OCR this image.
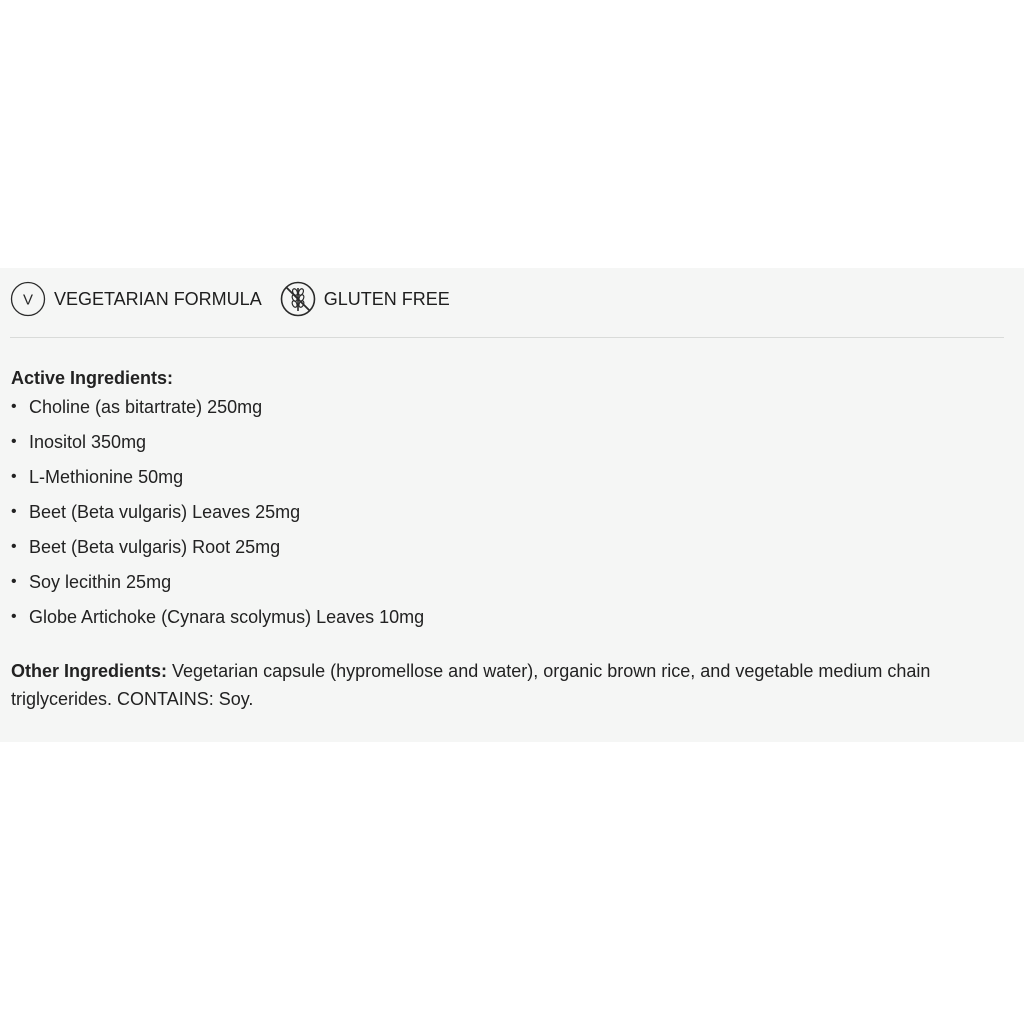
V VEGETARIAN FORMULA	GLUTEN FREE
Active Ingredients:
• Choline (as bitartrate) 250mg
• Inositol 350mg
• L-Methionine 50mg
• Beet (Beta vulgaris) Leaves 25mg
• Beet (Beta vulgaris) Root 25mg
• Soy lecithin 25mg
• Globe Artichoke (Cynara scolymus) Leaves 10mg

Other Ingredients: Vegetarian capsule (hypromellose and water), organic brown rice, and vegetable medium chain triglycerides. CONTAINS: Soy.
